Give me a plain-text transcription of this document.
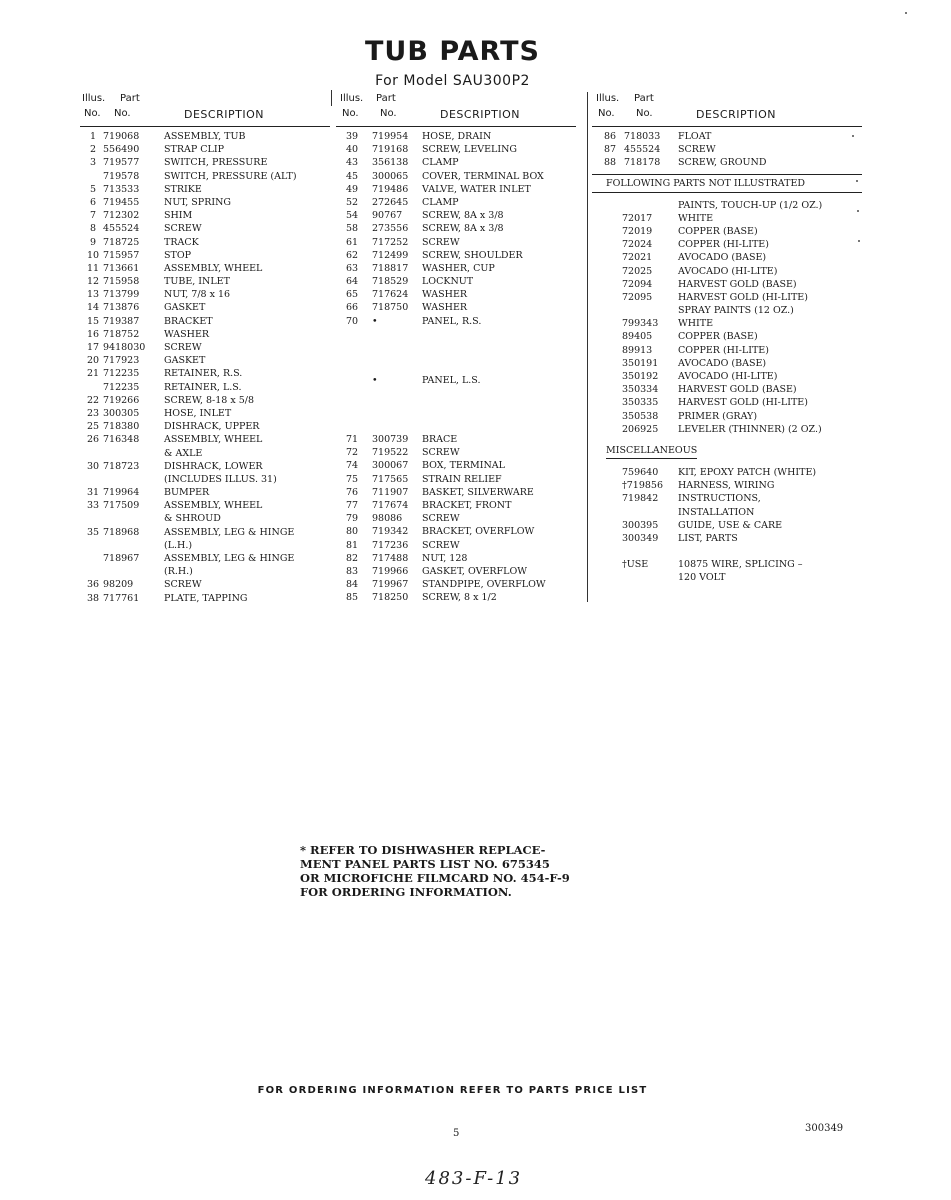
TUB PARTS
For Model SAU300P2
Illus. Part
No. No.	DESCRIPTION
1 719068	ASSEMBLY, TUB
2 556490	STRAP CLIP
3 719577	SWITCH, PRESSURE
719578	SWITCH, PRESSURE (ALT)
5 713533	STRIKE
6 719455	NUT, SPRING
7 712302	SHIM
8 455524	SCREW
9 718725	TRACK
10 715957	STOP
11 713661	ASSEMBLY, WHEEL
12 715958	TUBE, INLET
13 713799	NUT, 7/8 x 16
14 713876	GASKET
15 719387	BRACKET
16 718752	WASHER
17 9418030 SCREW
20 717923	GASKET
21 712235	RETAINER, R.S.
712235	RETAINER, L.S.
22 719266	SCREW, 8-18 x 5/8
23 300305	HOSE, INLET
25 718380	DISHRACK, UPPER
26 716348	ASSEMBLY, WHEEL
& AXLE
30 718723	DISHRACK, LOWER
(INCLUDES ILLUS. 31)
31 719964	BUMPER
33 717509	ASSEMBLY, WHEEL
& SHROUD
35 718968	ASSEMBLY, LEG & HINGE
(L.H.)
718967	ASSEMBLY, LEG & HINGE
(R.H.)
36 98209	SCREW
38 717761	PLATE, TAPPING
Illus. Part
No. No.	DESCRIPTION
39	719954 HOSE, DRAIN
40	719168 SCREW, LEVELING
43	356138 CLAMP
45	300065 COVER, TERMINAL BOX
49	719486 VALVE, WATER INLET
52	272645 CLAMP
54	90767 SCREW, 8A x 3/8
58	273556 SCREW, 8A x 3/8
61	717252 SCREW
62	712499 SCREW, SHOULDER
63	718817 WASHER, CUP
64	718529 LOCKNUT
65	717624 WASHER
66	718750 WASHER
70	•	PANEL, R.S.
•	PANEL, L.S.
71	300739 BRACE
72	719522 SCREW
74	300067 BOX, TERMINAL
75	717565 STRAIN RELIEF
76	711907 BASKET, SILVERWARE
77	717674 BRACKET, FRONT
79	98086 SCREW
80	719342 BRACKET, OVERFLOW
81	717236 SCREW
82	717488 NUT, 128
83	719966 GASKET, OVERFLOW
84	719967 STANDPIPE, OVERFLOW
85	718250 SCREW, 8 x 1/2
Illus. Part
No. No.	DESCRIPTION
86 718033 FLOAT
87 455524 SCREW
88 718178 SCREW, GROUND
FOLLOWING PARTS NOT ILLUSTRATED
PAINTS, TOUCH-UP (1/2 OZ.)
72017	WHITE
72019	COPPER (BASE)
72024	COPPER (HI-LITE)
72021	AVOCADO (BASE)
72025	AVOCADO (HI-LITE)
72094	HARVEST GOLD (BASE)
72095	HARVEST GOLD (HI-LITE)
SPRAY PAINTS (12 OZ.)
799343 WHITE
89405	COPPER (BASE)
89913	COPPER (HI-LITE)
350191 AVOCADO (BASE)
350192 AVOCADO (HI-LITE)
350334 HARVEST GOLD (BASE)
350335 HARVEST GOLD (HI-LITE)
350538 PRIMER (GRAY)
206925 LEVELER (THINNER) (2 OZ.)
MISCELLANEOUS
759640 KIT, EPOXY PATCH (WHITE)
†719856 HARNESS, WIRING
719842 INSTRUCTIONS,
INSTALLATION
300395 GUIDE, USE & CARE
300349 LIST, PARTS
†USE	10875 WIRE, SPLICING –
120 VOLT
* REFER TO DISHWASHER REPLACE-
MENT PANEL PARTS LIST NO. 675345
OR MICROFICHE FILMCARD NO. 454-F-9
FOR ORDERING INFORMATION.
FOR ORDERING INFORMATION REFER TO PARTS PRICE LIST
5	300349
483-F-13
